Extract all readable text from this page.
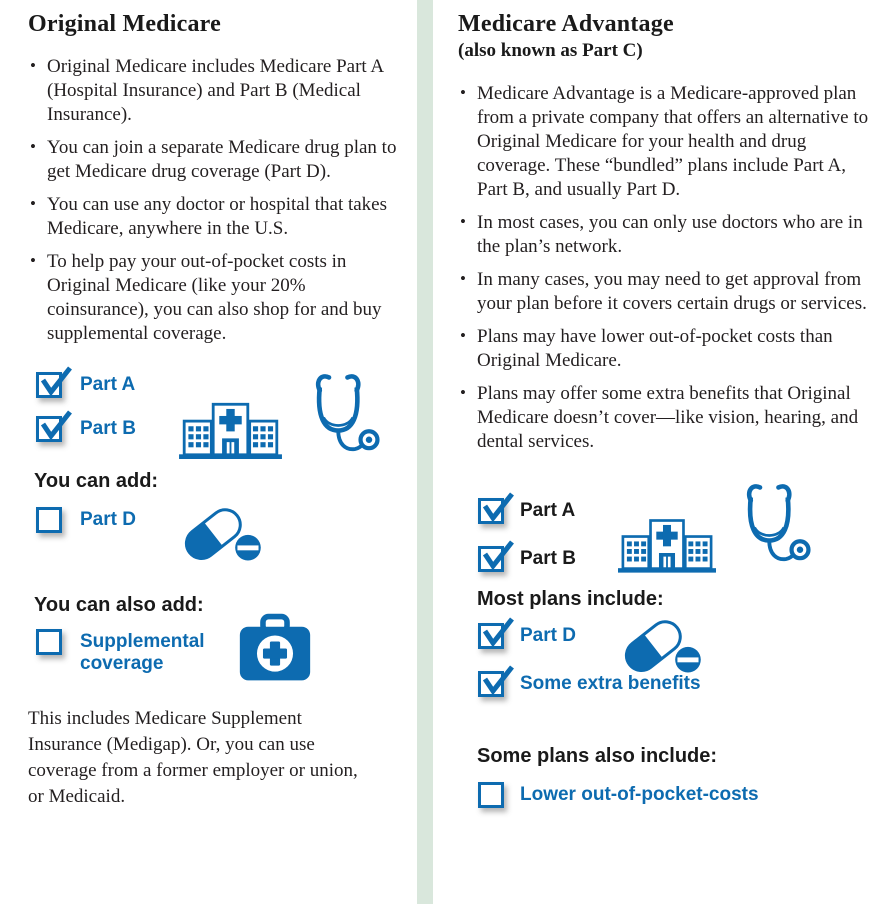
Original Medicare
• Original Medicare includes Medicare Part A (Hospital Insurance) and Part B (Medical Insurance).
• You can join a separate Medicare drug plan to get Medicare drug coverage (Part D).
• You can use any doctor or hospital that takes Medicare, anywhere in the U.S.
• To help pay your out-of-pocket costs in Original Medicare (like your 20% coinsurance), you can also shop for and buy supplemental coverage.
Part A
Part B

You can add:
Part D
You can also add:
Supplemental coverage

This includes Medicare Supplement Insurance (Medigap). Or, you can use coverage from a former employer or union, or Medicaid.

Medicare Advantage
(also known as Part C)
• Medicare Advantage is a Medicare-approved plan from a private company that offers an alternative to Original Medicare for your health and drug coverage. These “bundled” plans include Part A, Part B, and usually Part D.
• In most cases, you can only use doctors who are in the plan’s network.
• In many cases, you may need to get approval from your plan before it covers certain drugs or services.
• Plans may have lower out-of-pocket costs than Original Medicare.
• Plans may offer some extra benefits that Original Medicare doesn’t cover—like vision, hearing, and dental services.
Part A
Part B

Most plans include:
Part D
Some extra benefits
Some plans also include:
Lower out-of-pocket-costs
